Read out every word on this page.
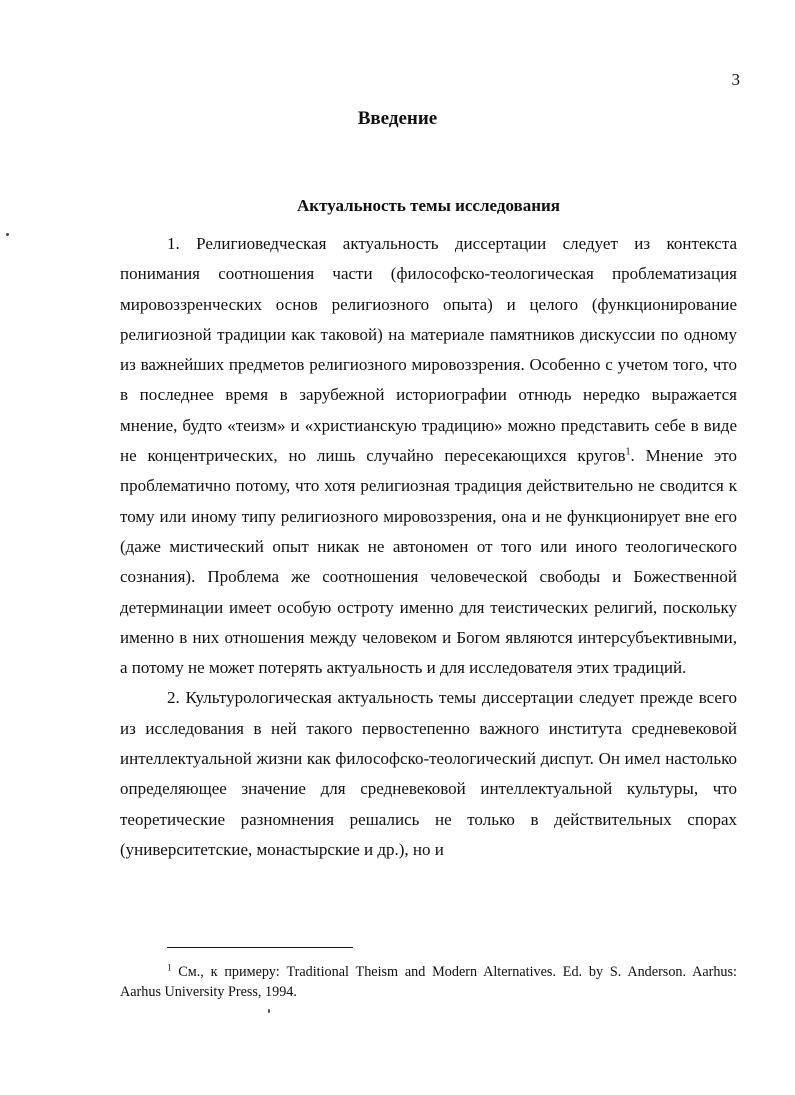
3
Введение
Актуальность темы исследования

1. Религиоведческая актуальность диссертации следует из контекста понимания соотношения части (философско-теологическая проблематизация мировоззренческих основ религиозного опыта) и целого (функционирование религиозной традиции как таковой) на материале памятников дискуссии по одному из важнейших предметов религиозного мировоззрения. Особенно с учетом того, что в последнее время в зарубежной историографии отнюдь нередко выражается мнение, будто «теизм» и «христианскую традицию» можно представить себе в виде не концентрических, но лишь случайно пересекающихся кругов$^1$. Мнение это проблематично потому, что хотя религиозная традиция действительно не сводится к тому или иному типу религиозного мировоззрения, она и не функционирует вне его (даже мистический опыт никак не автономен от того или иного теологического сознания). Проблема же соотношения человеческой свободы и Божественной детерминации имеет особую остроту именно для теистических религий, поскольку именно в них отношения между человеком и Богом являются интерсубъективными, а потому не может потерять актуальность и для исследователя этих традиций.

2. Культурологическая актуальность темы диссертации следует прежде всего из исследования в ней такого первостепенно важного института средневековой интеллектуальной жизни как философско-теологический диспут. Он имел настолько определяющее значение для средневековой интеллектуальной культуры, что теоретические разномнения решались не только в действительных спорах (университетские, монастырские и др.), но и

$^1$ См., к примеру: Traditional Theism and Modern Alternatives. Ed. by S. Anderson. Aarhus: Aarhus University Press, 1994.
